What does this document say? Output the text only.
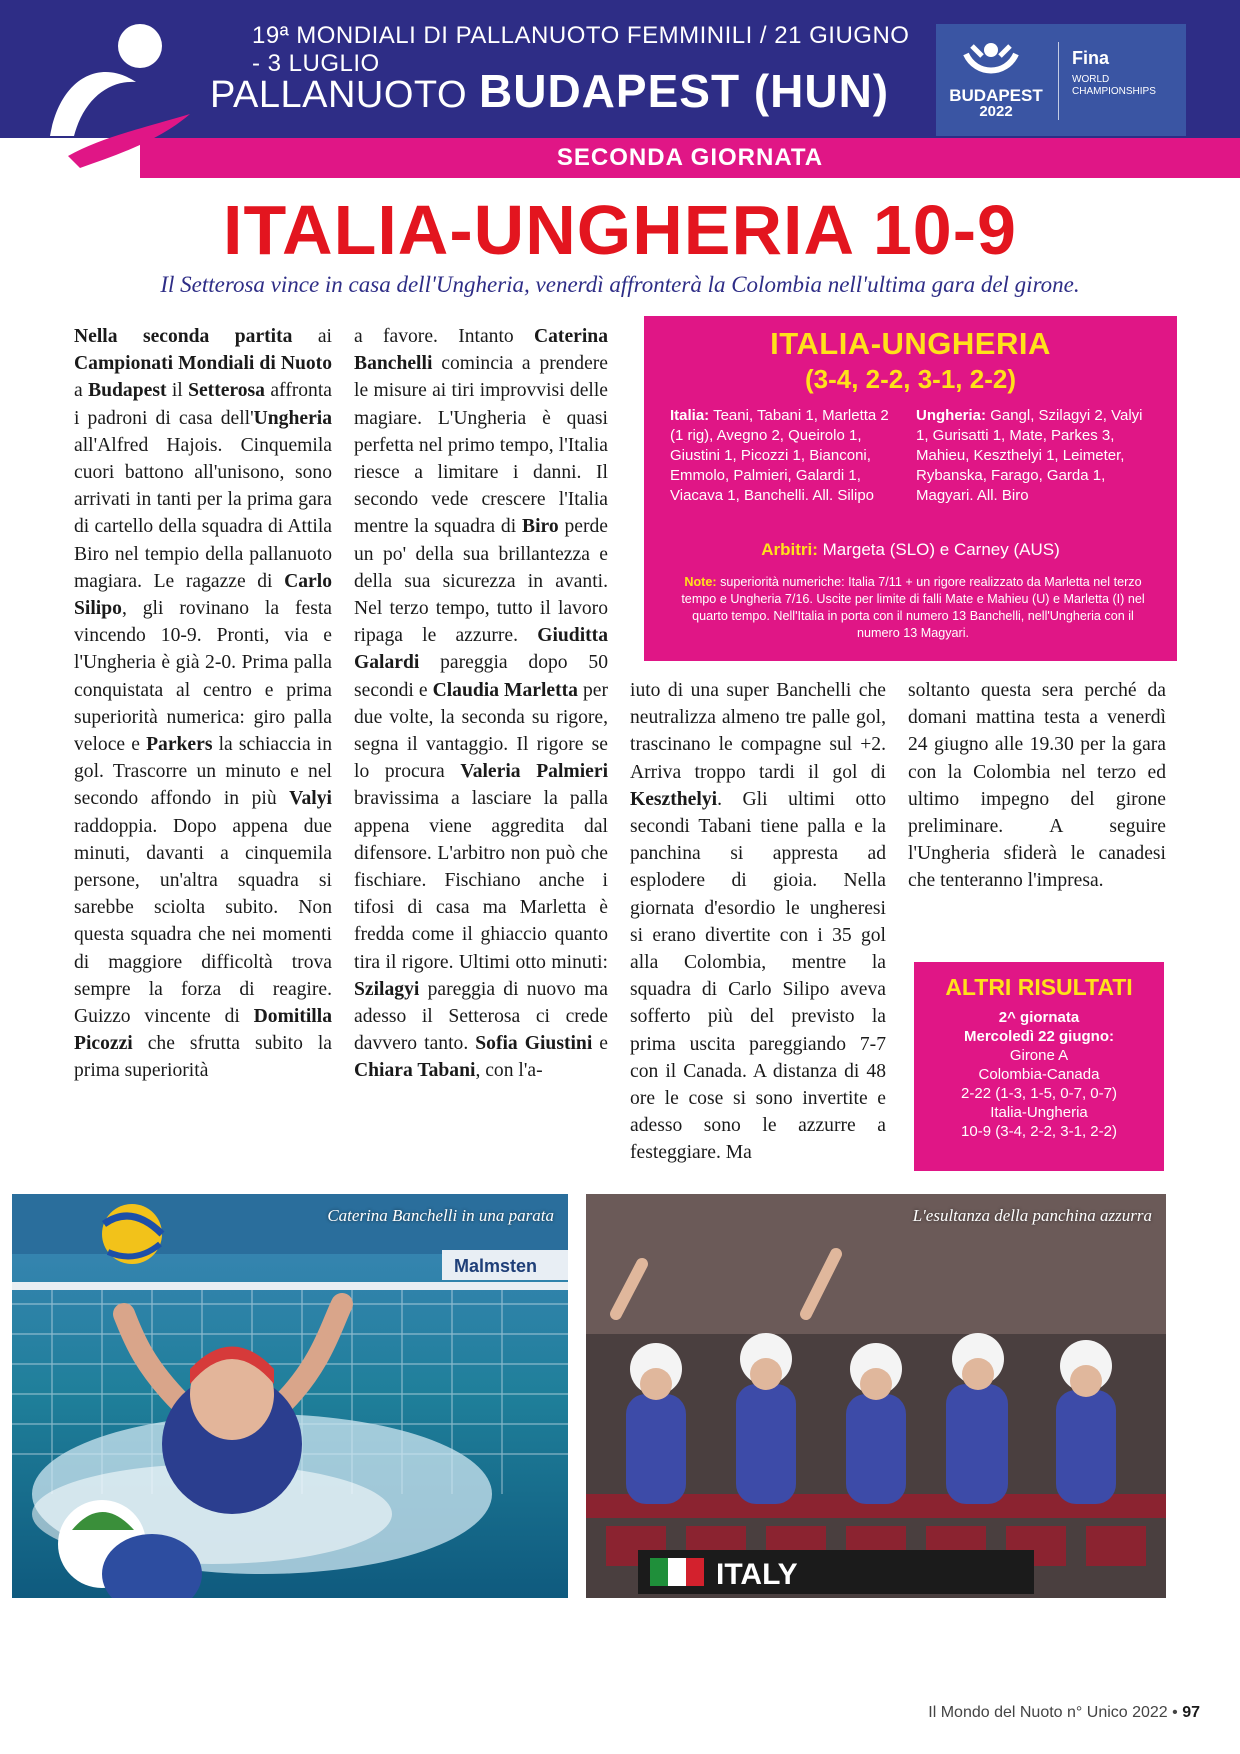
19ª MONDIALI DI PALLANUOTO FEMMINILI / 21 GIUGNO - 3 LUGLIO
PALLANUOTO BUDAPEST (HUN)	BUDAPEST
2022
Fina
WORLD CHAMPIONSHIPS
SECONDA GIORNATA
ITALIA-UNGHERIA 10-9
Il Setterosa vince in casa dell'Ungheria, venerdì affronterà la Colombia nell'ultima gara del girone.

Nella seconda partita ai Campionati Mondiali di Nuoto a Budapest il Setterosa affronta i padroni di casa dell'Ungheria all'Alfred Hajois. Cinquemila cuori battono all'unisono, sono arrivati in tanti per la prima gara di cartello della squadra di Attila Biro nel tempio della pallanuoto magiara. Le ragazze di Carlo Silipo, gli rovinano la festa vincendo 10-9. Pronti, via e l'Ungheria è già 2-0. Prima palla conquistata al centro e prima superiorità numerica: giro palla veloce e Parkers la schiaccia in gol. Trascorre un minuto e nel secondo affondo in più Valyi raddoppia. Dopo appena due minuti, davanti a cinquemila persone, un'altra squadra si sarebbe sciolta subito. Non questa squadra che nei momenti di maggiore difficoltà trova sempre la forza di reagire. Guizzo vincente di Domitilla Picozzi che sfrutta subito la prima superiorità

a favore. Intanto Caterina Banchelli comincia a prendere le misure ai tiri improvvisi delle magiare. L'Ungheria è quasi perfetta nel primo tempo, l'Italia riesce a limitare i danni. Il secondo vede crescere l'Italia mentre la squadra di Biro perde un po' della sua brillantezza e della sua sicurezza in avanti. Nel terzo tempo, tutto il lavoro ripaga le azzurre. Giuditta Galardi pareggia dopo 50 secondi e Claudia Marletta per due volte, la seconda su rigore, segna il vantaggio. Il rigore se lo procura Valeria Palmieri bravissima a lasciare la palla appena viene aggredita dal difensore. L'arbitro non può che fischiare. Fischiano anche i tifosi di casa ma Marletta è fredda come il ghiaccio quanto tira il rigore. Ultimi otto minuti: Szilagyi pareggia di nuovo ma adesso il Setterosa ci crede davvero tanto. Sofia Giustini e Chiara Tabani, con l'a-

iuto di una super Banchelli che neutralizza almeno tre palle gol, trascinano le compagne sul +2. Arriva troppo tardi il gol di Keszthelyi. Gli ultimi otto secondi Tabani tiene palla e la panchina si appresta ad esplodere di gioia. Nella giornata d'esordio le ungheresi si erano divertite con i 35 gol alla Colombia, mentre la squadra di Carlo Silipo aveva sofferto più del previsto la prima uscita pareggiando 7-7 con il Canada. A distanza di 48 ore le cose si sono invertite e adesso sono le azzurre a festeggiare. Ma

soltanto questa sera perché da domani mattina testa a venerdì 24 giugno alle 19.30 per la gara con la Colombia nel terzo ed ultimo impegno del girone preliminare. A seguire l'Ungheria sfiderà le canadesi che tenteranno l'impresa.

ITALIA-UNGHERIA
(3-4, 2-2, 3-1, 2-2)
Italia: Teani, Tabani 1, Marletta 2 (1 rig), Avegno 2, Queirolo 1, Giustini 1, Picozzi 1, Bianconi, Emmolo, Palmieri, Galardi 1, Viacava 1, Banchelli. All. Silipo
Ungheria: Gangl, Szilagyi 2, Valyi 1, Gurisatti 1, Mate, Parkes 3, Mahieu, Keszthelyi 1, Leimeter, Rybanska, Farago, Garda 1, Magyari. All. Biro
Arbitri: Margeta (SLO) e Carney (AUS)
Note: superiorità numeriche: Italia 7/11 + un rigore realizzato da Marletta nel terzo tempo e Ungheria 7/16. Uscite per limite di falli Mate e Mahieu (U) e Marletta (I) nel quarto tempo. Nell'Italia in porta con il numero 13 Banchelli, nell'Ungheria con il numero 13 Magyari.
ALTRI RISULTATI
2^ giornata
Mercoledì 22 giugno:
Girone A
Colombia-Canada
2-22 (1-3, 1-5, 0-7, 0-7)
Italia-Ungheria
10-9 (3-4, 2-2, 3-1, 2-2)
Malmsten
Caterina Banchelli in una parata
ITALY
L'esultanza della panchina azzurra
Il Mondo del Nuoto n° Unico 2022 • 97
